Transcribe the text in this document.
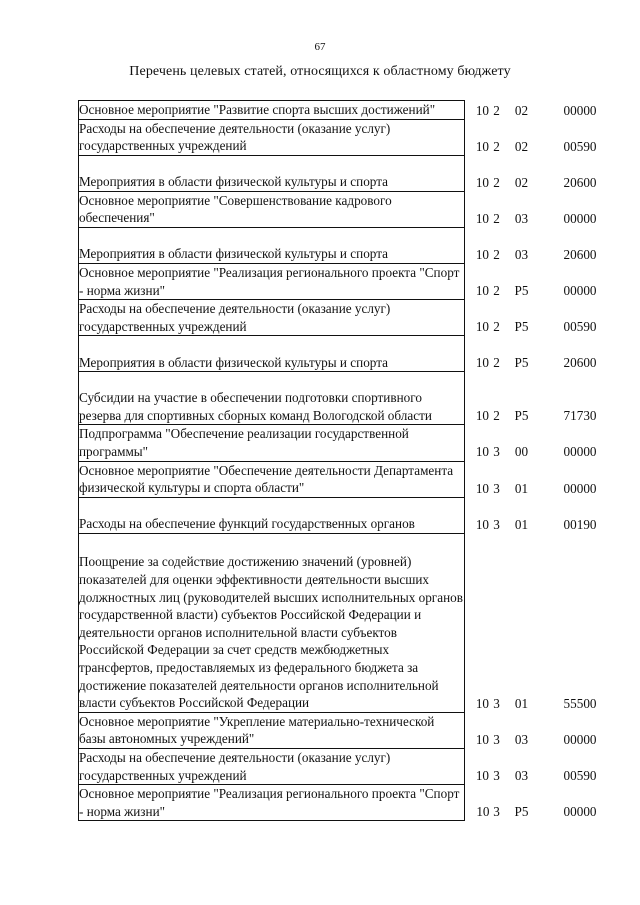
67
Перечень целевых статей, относящихся к областному бюджету
Основное мероприятие "Развитие спорта высших достижений"	10	2	02	00000
Расходы на обеспечение деятельности (оказание услуг) государственных учреждений	10	2	02	00590
Мероприятия в области физической культуры и спорта	10	2	02	20600
Основное мероприятие "Совершенствование кадрового обеспечения"	10	2	03	00000
Мероприятия в области физической культуры и спорта	10	2	03	20600
Основное мероприятие "Реализация регионального проекта "Спорт - норма жизни"	10	2	P5	00000
Расходы на обеспечение деятельности (оказание услуг) государственных учреждений	10	2	P5	00590
Мероприятия в области физической культуры и спорта	10	2	P5	20600
Субсидии на участие в обеспечении подготовки спортивного резерва для спортивных сборных команд Вологодской области	10	2	P5	71730
Подпрограмма "Обеспечение реализации государственной программы"	10	3	00	00000
Основное мероприятие "Обеспечение деятельности Департамента физической культуры и спорта области"	10	3	01	00000
Расходы на обеспечение функций государственных органов	10	3	01	00190
Поощрение за содействие достижению значений (уровней) показателей для оценки эффективности деятельности высших должностных лиц (руководителей высших исполнительных органов государственной власти) субъектов Российской Федерации и деятельности органов исполнительной власти субъектов Российской Федерации за счет средств межбюджетных трансфертов, предоставляемых из федерального бюджета за достижение показателей деятельности органов исполнительной власти субъектов Российской Федерации	10	3	01	55500
Основное мероприятие "Укрепление материально-технической базы автономных учреждений"	10	3	03	00000
Расходы на обеспечение деятельности (оказание услуг) государственных учреждений	10	3	03	00590
Основное мероприятие "Реализация регионального проекта "Спорт - норма жизни"	10	3	P5	00000
